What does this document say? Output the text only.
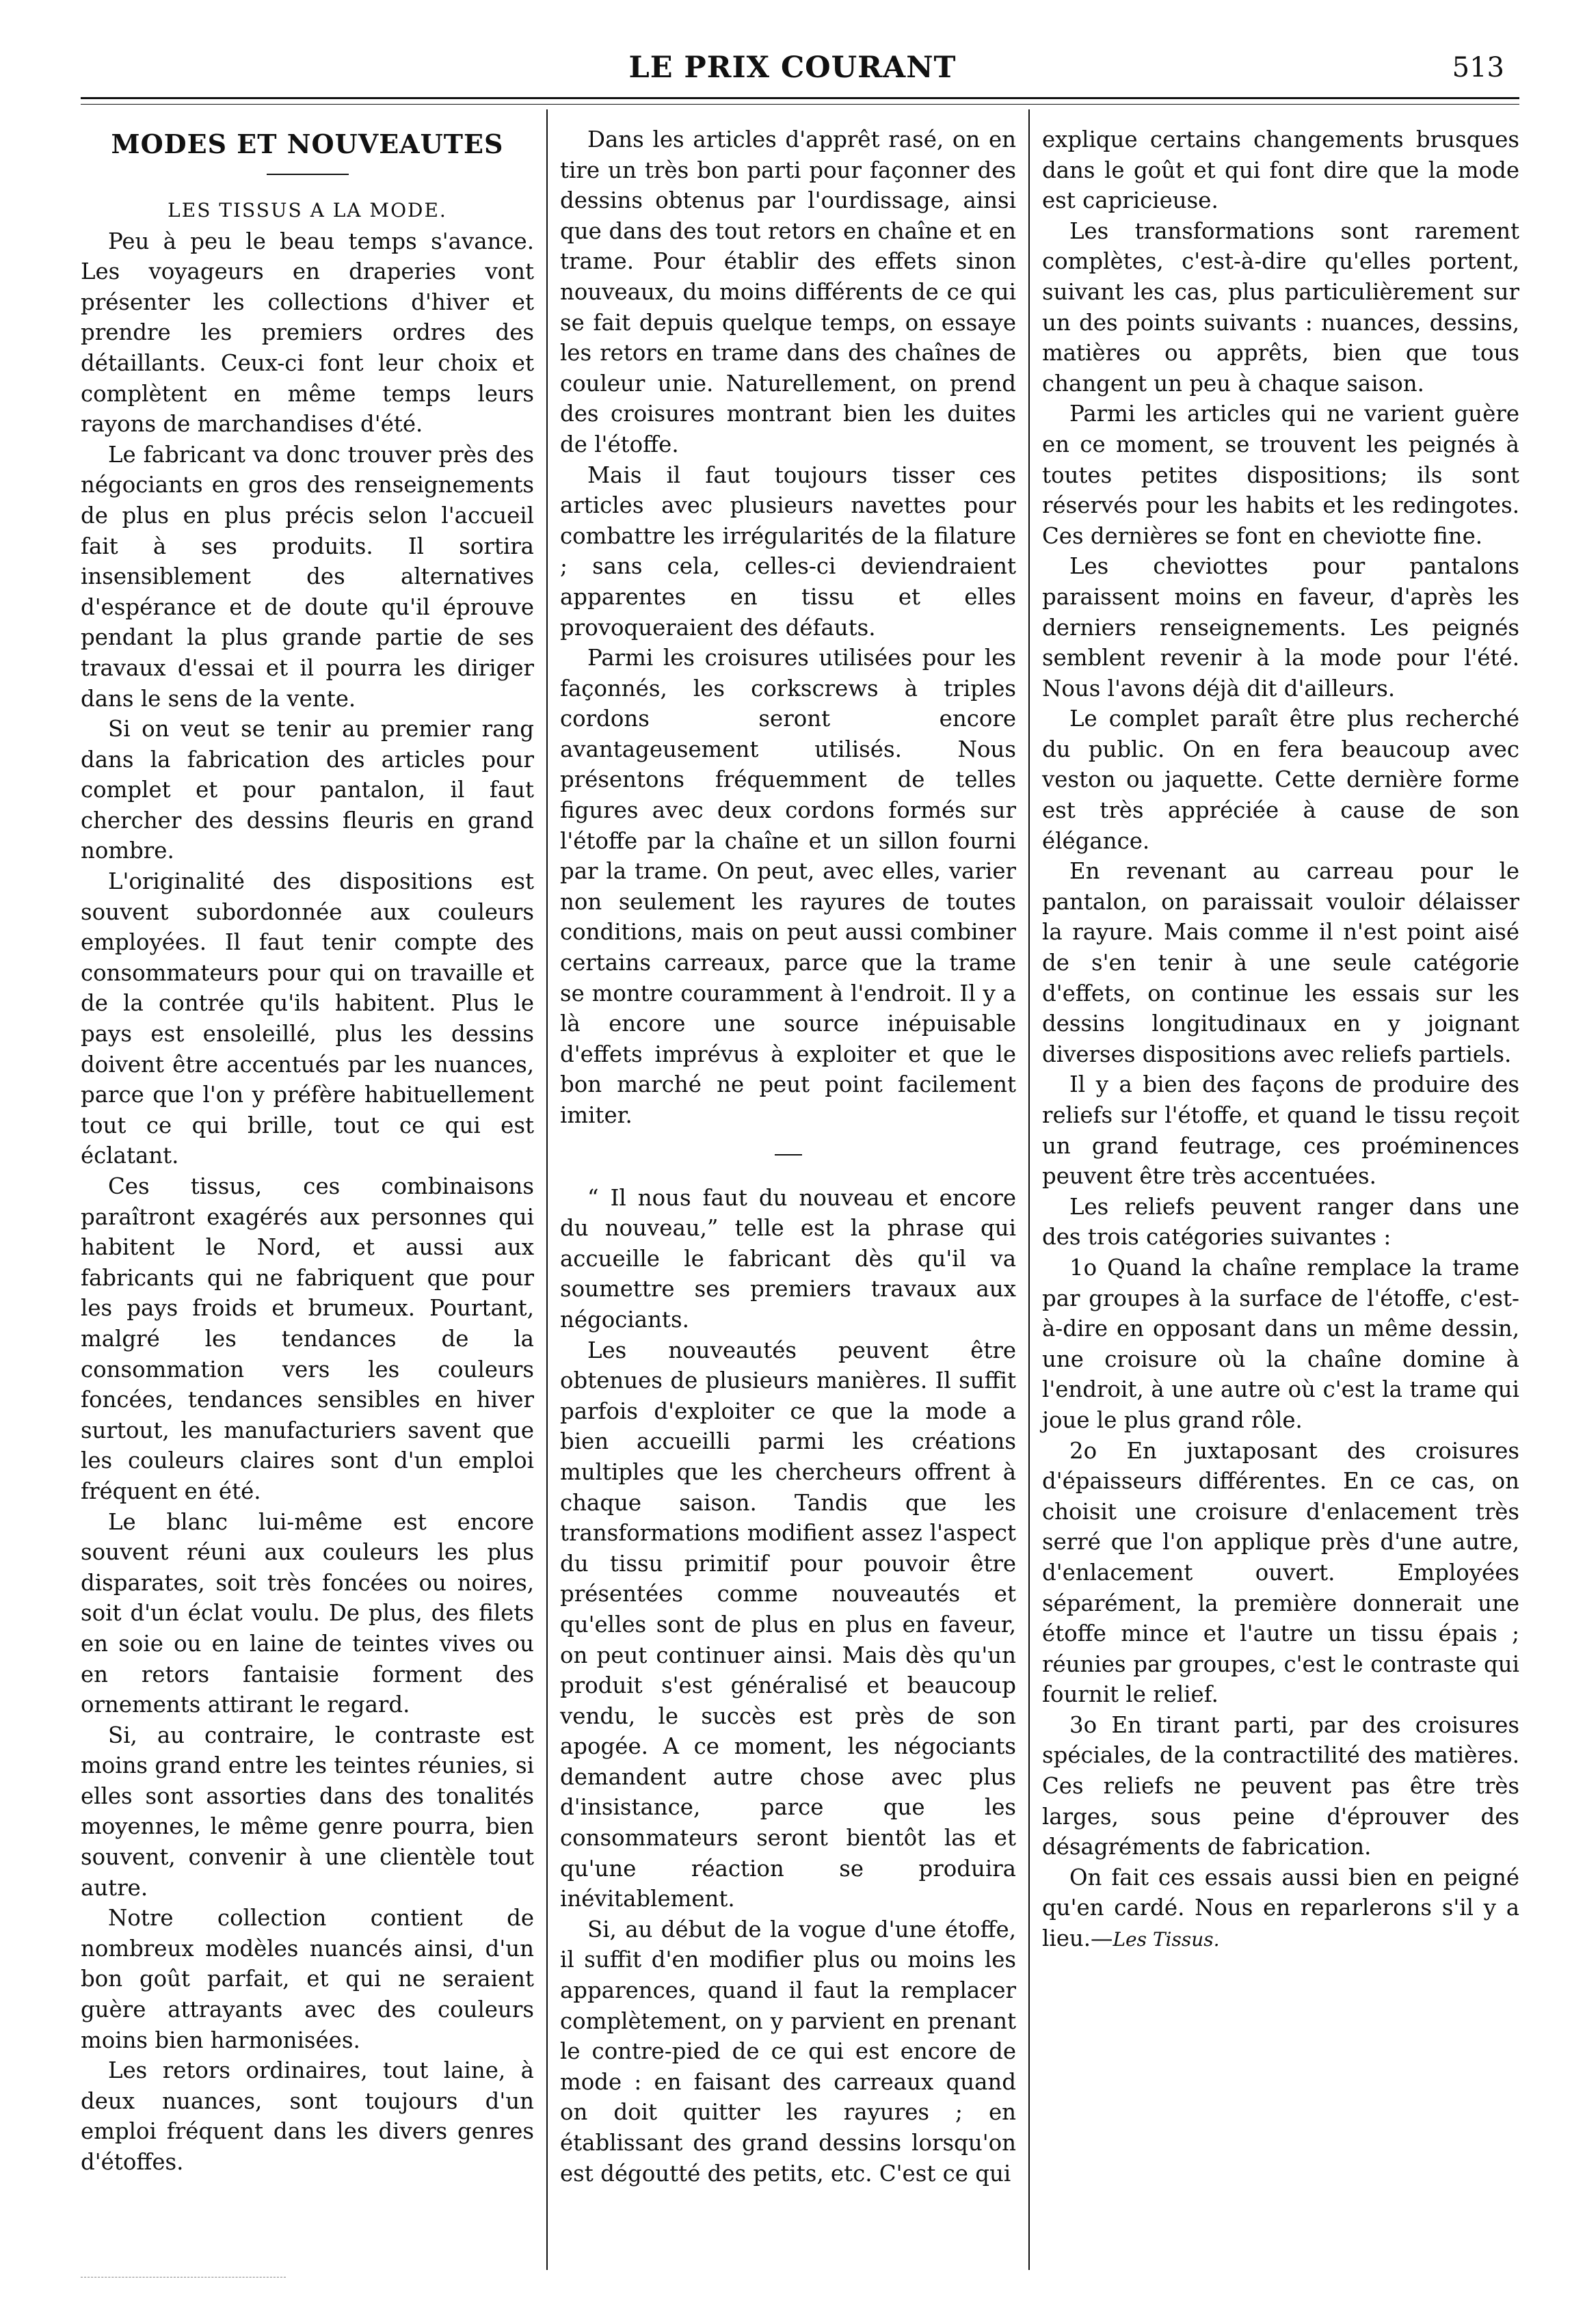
LE PRIX COURANT	513
MODES ET NOUVEAUTES

LES TISSUS A LA MODE.

Peu à peu le beau temps s'avance. Les voyageurs en draperies vont présenter les collections d'hiver et prendre les premiers ordres des détaillants. Ceux-ci font leur choix et complètent en même temps leurs rayons de marchandises d'été.

Le fabricant va donc trouver près des négociants en gros des renseignements de plus en plus précis selon l'accueil fait à ses produits. Il sortira insensiblement des alternatives d'espérance et de doute qu'il éprouve pendant la plus grande partie de ses travaux d'essai et il pourra les diriger dans le sens de la vente.

Si on veut se tenir au premier rang dans la fabrication des articles pour complet et pour pantalon, il faut chercher des dessins fleuris en grand nombre.

L'originalité des dispositions est souvent subordonnée aux couleurs employées. Il faut tenir compte des consommateurs pour qui on travaille et de la contrée qu'ils habitent. Plus le pays est ensoleillé, plus les dessins doivent être accentués par les nuances, parce que l'on y préfère habituellement tout ce qui brille, tout ce qui est éclatant.

Ces tissus, ces combinaisons paraîtront exagérés aux personnes qui habitent le Nord, et aussi aux fabricants qui ne fabriquent que pour les pays froids et brumeux. Pourtant, malgré les tendances de la consommation vers les couleurs foncées, tendances sensibles en hiver surtout, les manufacturiers savent que les couleurs claires sont d'un emploi fréquent en été.

Le blanc lui-même est encore souvent réuni aux couleurs les plus disparates, soit très foncées ou noires, soit d'un éclat voulu. De plus, des filets en soie ou en laine de teintes vives ou en retors fantaisie forment des ornements attirant le regard.

Si, au contraire, le contraste est moins grand entre les teintes réunies, si elles sont assorties dans des tonalités moyennes, le même genre pourra, bien souvent, convenir à une clientèle tout autre.

Notre collection contient de nombreux modèles nuancés ainsi, d'un bon goût parfait, et qui ne seraient guère attrayants avec des couleurs moins bien harmonisées.

Les retors ordinaires, tout laine, à deux nuances, sont toujours d'un emploi fréquent dans les divers genres d'étoffes.

Dans les articles d'apprêt rasé, on en tire un très bon parti pour façonner des dessins obtenus par l'ourdissage, ainsi que dans des tout retors en chaîne et en trame. Pour établir des effets sinon nouveaux, du moins différents de ce qui se fait depuis quelque temps, on essaye les retors en trame dans des chaînes de couleur unie. Naturellement, on prend des croisures montrant bien les duites de l'étoffe.

Mais il faut toujours tisser ces articles avec plusieurs navettes pour combattre les irrégularités de la filature ; sans cela, celles-ci deviendraient apparentes en tissu et elles provoqueraient des défauts.

Parmi les croisures utilisées pour les façonnés, les corkscrews à triples cordons seront encore avantageusement utilisés. Nous présentons fréquemment de telles figures avec deux cordons formés sur l'étoffe par la chaîne et un sillon fourni par la trame. On peut, avec elles, varier non seulement les rayures de toutes conditions, mais on peut aussi combiner certains carreaux, parce que la trame se montre couramment à l'endroit. Il y a là encore une source inépuisable d'effets imprévus à exploiter et que le bon marché ne peut point facilement imiter.

“ Il nous faut du nouveau et encore du nouveau,” telle est la phrase qui accueille le fabricant dès qu'il va soumettre ses premiers travaux aux négociants.

Les nouveautés peuvent être obtenues de plusieurs manières. Il suffit parfois d'exploiter ce que la mode a bien accueilli parmi les créations multiples que les chercheurs offrent à chaque saison. Tandis que les transformations modifient assez l'aspect du tissu primitif pour pouvoir être présentées comme nouveautés et qu'elles sont de plus en plus en faveur, on peut continuer ainsi. Mais dès qu'un produit s'est généralisé et beaucoup vendu, le succès est près de son apogée. A ce moment, les négociants demandent autre chose avec plus d'insistance, parce que les consommateurs seront bientôt las et qu'une réaction se produira inévitablement.

Si, au début de la vogue d'une étoffe, il suffit d'en modifier plus ou moins les apparences, quand il faut la remplacer complètement, on y parvient en prenant le contre-pied de ce qui est encore de mode : en faisant des carreaux quand on doit quitter les rayures ; en établissant des grand dessins lorsqu'on est dégoutté des petits, etc. C'est ce qui

explique certains changements brusques dans le goût et qui font dire que la mode est capricieuse.

Les transformations sont rarement complètes, c'est-à-dire qu'elles portent, suivant les cas, plus particulièrement sur un des points suivants : nuances, dessins, matières ou apprêts, bien que tous changent un peu à chaque saison.

Parmi les articles qui ne varient guère en ce moment, se trouvent les peignés à toutes petites dispositions; ils sont réservés pour les habits et les redingotes. Ces dernières se font en cheviotte fine.

Les cheviottes pour pantalons paraissent moins en faveur, d'après les derniers renseignements. Les peignés semblent revenir à la mode pour l'été. Nous l'avons déjà dit d'ailleurs.

Le complet paraît être plus recherché du public. On en fera beaucoup avec veston ou jaquette. Cette dernière forme est très appréciée à cause de son élégance.

En revenant au carreau pour le pantalon, on paraissait vouloir délaisser la rayure. Mais comme il n'est point aisé de s'en tenir à une seule catégorie d'effets, on continue les essais sur les dessins longitudinaux en y joignant diverses dispositions avec reliefs partiels.

Il y a bien des façons de produire des reliefs sur l'étoffe, et quand le tissu reçoit un grand feutrage, ces proéminences peuvent être très accentuées.

Les reliefs peuvent ranger dans une des trois catégories suivantes :

1o Quand la chaîne remplace la trame par groupes à la surface de l'étoffe, c'est-à-dire en opposant dans un même dessin, une croisure où la chaîne domine à l'endroit, à une autre où c'est la trame qui joue le plus grand rôle.

2o En juxtaposant des croisures d'épaisseurs différentes. En ce cas, on choisit une croisure d'enlacement très serré que l'on applique près d'une autre, d'enlacement ouvert. Employées séparément, la première donnerait une étoffe mince et l'autre un tissu épais ; réunies par groupes, c'est le contraste qui fournit le relief.

3o En tirant parti, par des croisures spéciales, de la contractilité des matières. Ces reliefs ne peuvent pas être très larges, sous peine d'éprouver des désagréments de fabrication.

On fait ces essais aussi bien en peigné qu'en cardé. Nous en reparlerons s'il y a lieu.—Les Tissus.
